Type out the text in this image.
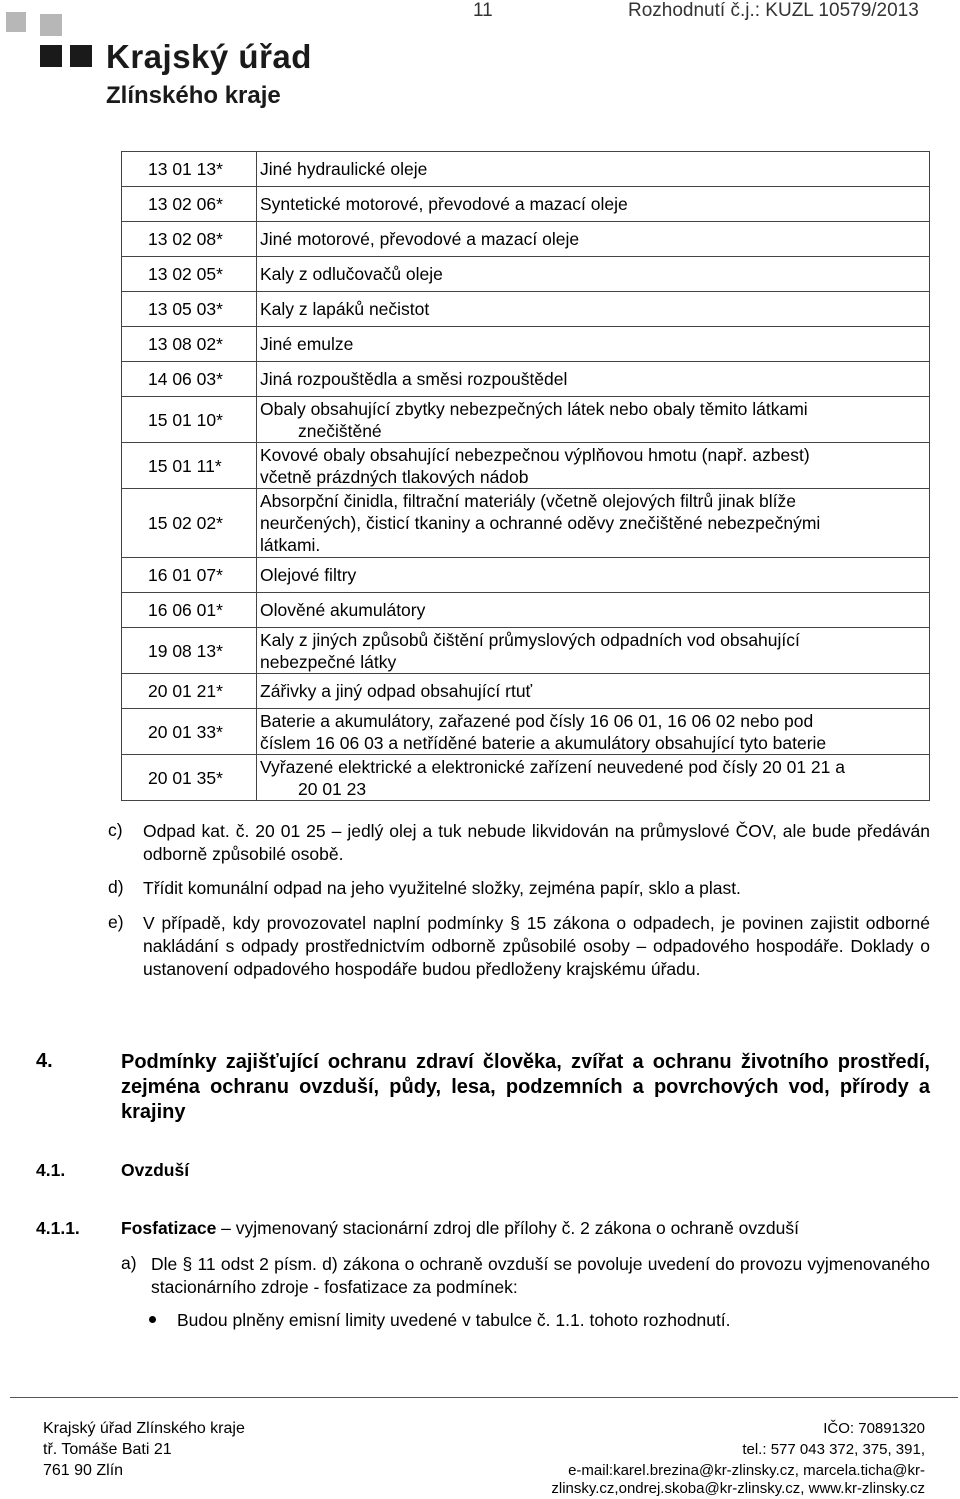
11	Rozhodnutí č.j.: KUZL 10579/2013
Krajský úřad
Zlínského kraje
13 01 13*	Jiné hydraulické oleje

13 02 06*	Syntetické motorové, převodové a mazací oleje

13 02 08*	Jiné motorové, převodové a mazací oleje

13 02 05*	Kaly z odlučovačů oleje

13 05 03*	Kaly z lapáků nečistot

13 08 02*	Jiné emulze

14 06 03*	Jiná rozpouštědla a směsi rozpouštědel

15 01 10*	Obaly obsahující zbytky nebezpečných látek nebo obaly těmito látkami
znečištěné

15 01 11*	Kovové obaly obsahující nebezpečnou výplňovou hmotu (např. azbest)
včetně prázdných tlakových nádob

15 02 02*	Absorpční činidla, filtrační materiály (včetně olejových filtrů jinak blíže
neurčených), čisticí tkaniny a ochranné oděvy znečištěné nebezpečnými
látkami.

16 01 07*	Olejové filtry

16 06 01*	Olověné akumulátory

19 08 13*	Kaly z jiných způsobů čištění průmyslových odpadních vod obsahující
nebezpečné látky

20 01 21*	Zářivky a jiný odpad obsahující rtuť

20 01 33*	Baterie a akumulátory, zařazené pod čísly 16 06 01, 16 06 02 nebo pod
číslem 16 06 03 a netříděné baterie a akumulátory obsahující tyto baterie

20 01 35*	Vyřazené elektrické a elektronické zařízení neuvedené pod čísly 20 01 21 a
20 01 23
c) Odpad kat. č. 20 01 25 – jedlý olej a tuk nebude likvidován na průmyslové ČOV, ale bude předáván odborně způsobilé osobě.
d) Třídit komunální odpad na jeho využitelné složky, zejména papír, sklo a plast.
e) V případě, kdy provozovatel naplní podmínky § 15 zákona o odpadech, je povinen zajistit odborné nakládání s odpady prostřednictvím odborně způsobilé osoby – odpadového hospodáře. Doklady o ustanovení odpadového hospodáře budou předloženy krajskému úřadu.
4.	Podmínky zajišťující ochranu zdraví člověka, zvířat a ochranu životního prostředí, zejména ochranu ovzduší, půdy, lesa, podzemních a povrchových vod, přírody a krajiny
4.1.	Ovzduší
4.1.1. Fosfatizace – vyjmenovaný stacionární zdroj dle přílohy č. 2 zákona o ochraně ovzduší
a) Dle § 11 odst 2 písm. d) zákona o ochraně ovzduší se povoluje uvedení do provozu vyjmenovaného stacionárního zdroje - fosfatizace za podmínek:
Budou plněny emisní limity uvedené v tabulce č. 1.1. tohoto rozhodnutí.
Krajský úřad Zlínského kraje
tř. Tomáše Bati 21
761 90 Zlín
IČO: 70891320
tel.: 577 043 372, 375, 391,
e-mail:karel.brezina@kr-zlinsky.cz, marcela.ticha@kr-
zlinsky.cz,ondrej.skoba@kr-zlinsky.cz, www.kr-zlinsky.cz
